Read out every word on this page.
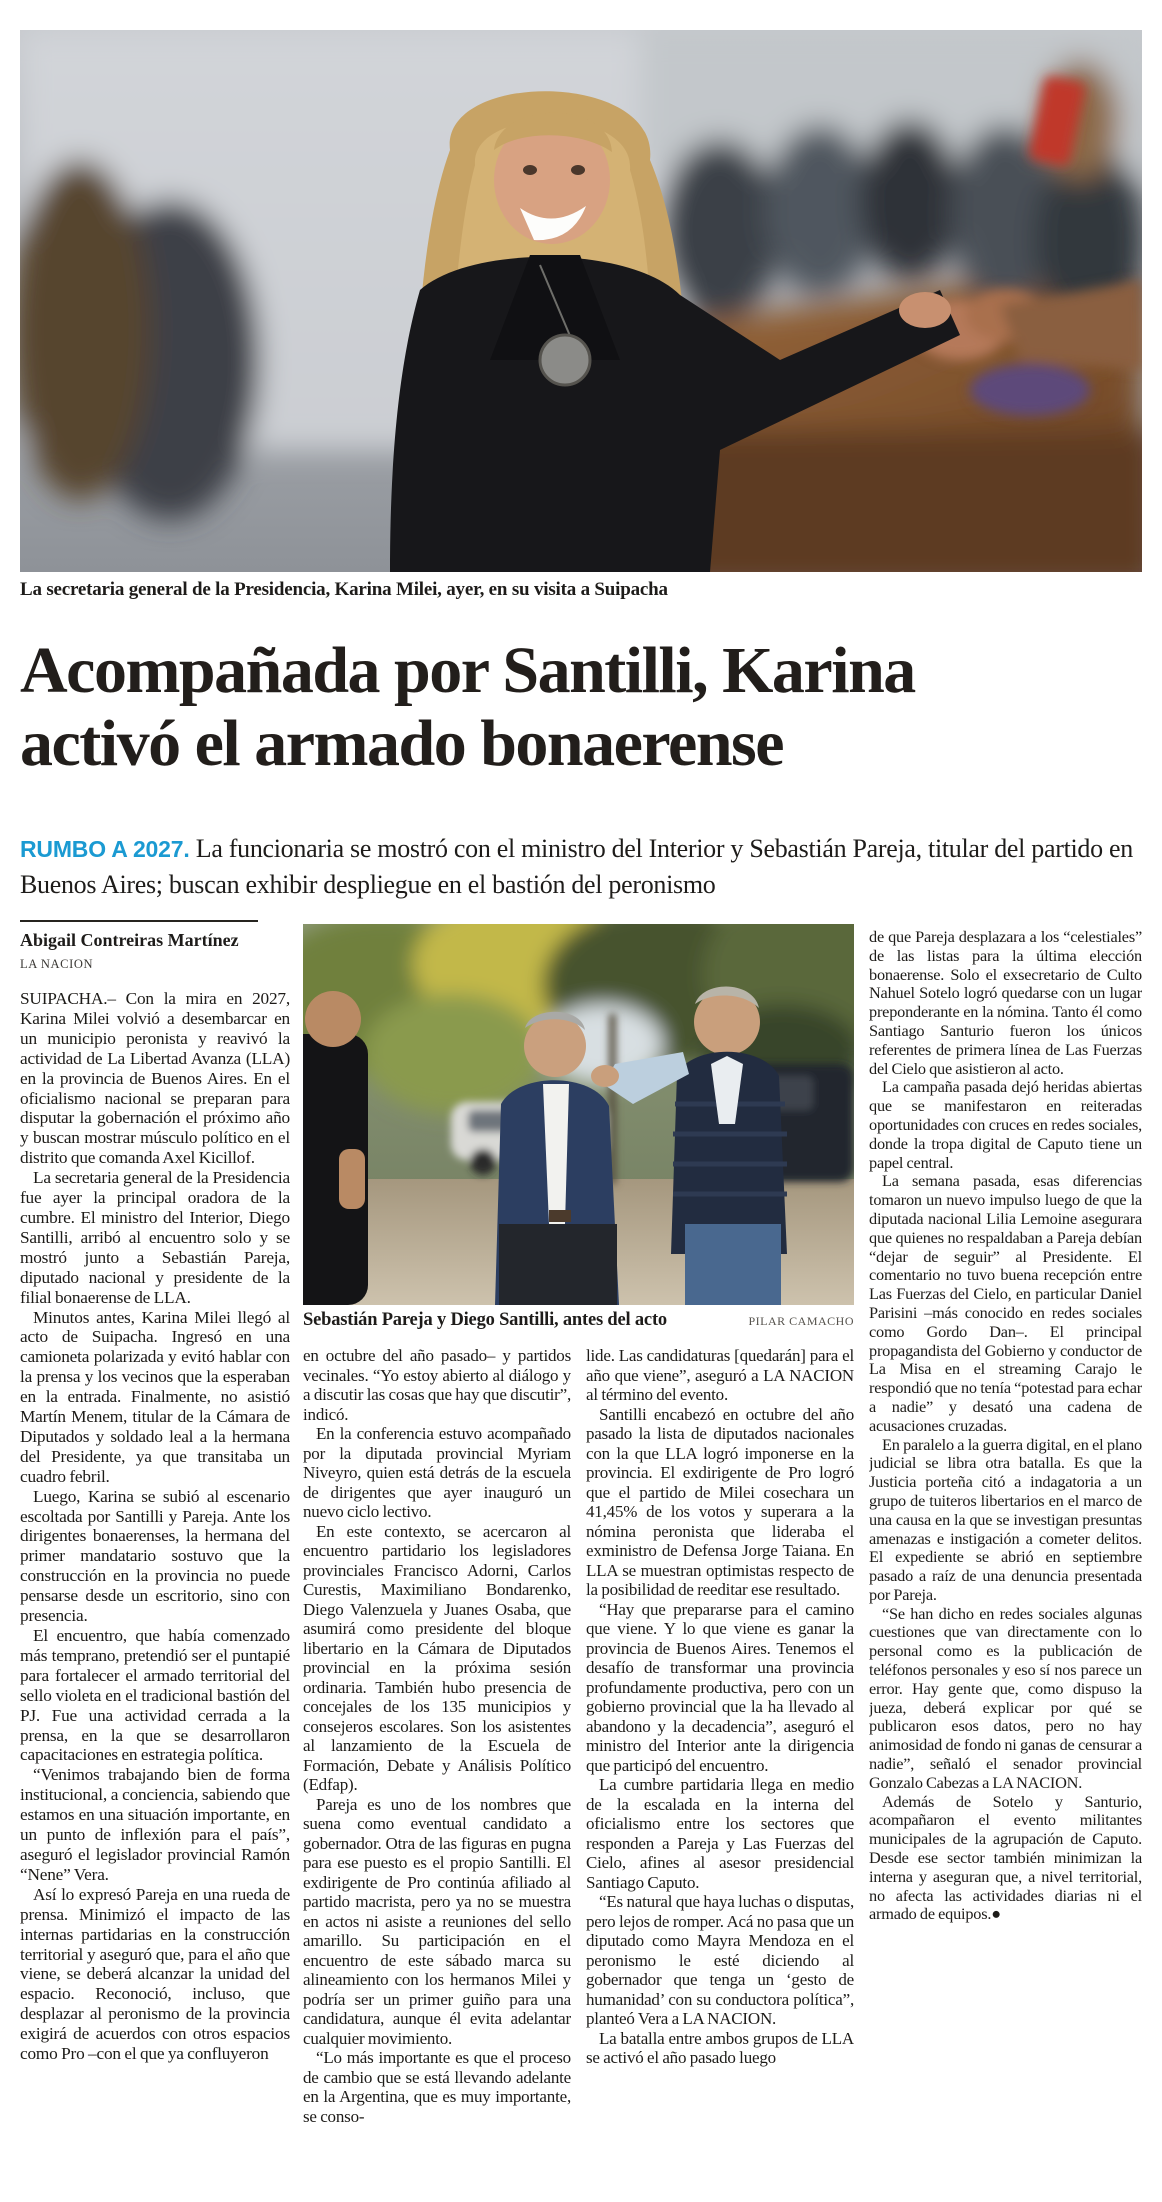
La secretaria general de la Presidencia, Karina Milei, ayer, en su visita a Suipacha
Acompañada por Santilli, Karina
activó el armado bonaerense

RUMBO A 2027. La funcionaria se mostró con el ministro del Interior y Sebastián Pareja, titular del partido en Buenos Aires; buscan exhibir despliegue en el bastión del peronismo

Abigail Contreiras Martínez
LA NACION

SUIPACHA.– Con la mira en 2027, Karina Milei volvió a desembarcar en un municipio peronista y reavivó la actividad de La Libertad Avanza (LLA) en la provincia de Buenos Aires. En el oficialismo nacional se preparan para disputar la gobernación el próximo año y buscan mostrar músculo político en el distrito que comanda Axel Kicillof.

La secretaria general de la Presidencia fue ayer la principal oradora de la cumbre. El ministro del Interior, Diego Santilli, arribó al encuentro solo y se mostró junto a Sebastián Pareja, diputado nacional y presidente de la filial bonaerense de LLA.

Minutos antes, Karina Milei llegó al acto de Suipacha. Ingresó en una camioneta polarizada y evitó hablar con la prensa y los vecinos que la esperaban en la entrada. Finalmente, no asistió Martín Menem, titular de la Cámara de Diputados y soldado leal a la hermana del Presidente, ya que transitaba un cuadro febril.

Luego, Karina se subió al escenario escoltada por Santilli y Pareja. Ante los dirigentes bonaerenses, la hermana del primer mandatario sostuvo que la construcción en la provincia no puede pensarse desde un escritorio, sino con presencia.

El encuentro, que había comenzado más temprano, pretendió ser el puntapié para fortalecer el armado territorial del sello violeta en el tradicional bastión del PJ. Fue una actividad cerrada a la prensa, en la que se desarrollaron capacitaciones en estrategia política.

“Venimos trabajando bien de forma institucional, a conciencia, sabiendo que estamos en una situación importante, en un punto de inflexión para el país”, aseguró el legislador provincial Ramón “Nene” Vera.

Así lo expresó Pareja en una rueda de prensa. Minimizó el impacto de las internas partidarias en la construcción territorial y aseguró que, para el año que viene, se deberá alcanzar la unidad del espacio. Reconoció, incluso, que desplazar al peronismo de la provincia exigirá de acuerdos con otros espacios como Pro –con el que ya confluyeron

Sebastián Pareja y Diego Santilli, antes del acto	PILAR CAMACHO

en octubre del año pasado– y partidos vecinales. “Yo estoy abierto al diálogo y a discutir las cosas que hay que discutir”, indicó.

En la conferencia estuvo acompañado por la diputada provincial Myriam Niveyro, quien está detrás de la escuela de dirigentes que ayer inauguró un nuevo ciclo lectivo.

En este contexto, se acercaron al encuentro partidario los legisladores provinciales Francisco Adorni, Carlos Curestis, Maximiliano Bondarenko, Diego Valenzuela y Juanes Osaba, que asumirá como presidente del bloque libertario en la Cámara de Diputados provincial en la próxima sesión ordinaria. También hubo presencia de concejales de los 135 municipios y consejeros escolares. Son los asistentes al lanzamiento de la Escuela de Formación, Debate y Análisis Político (Edfap).

Pareja es uno de los nombres que suena como eventual candidato a gobernador. Otra de las figuras en pugna para ese puesto es el propio Santilli. El exdirigente de Pro continúa afiliado al partido macrista, pero ya no se muestra en actos ni asiste a reuniones del sello amarillo. Su participación en el encuentro de este sábado marca su alineamiento con los hermanos Milei y podría ser un primer guiño para una candidatura, aunque él evita adelantar cualquier movimiento.

“Lo más importante es que el proceso de cambio que se está llevando adelante en la Argentina, que es muy importante, se conso-

lide. Las candidaturas [quedarán] para el año que viene”, aseguró a LA NACION al término del evento.

Santilli encabezó en octubre del año pasado la lista de diputados nacionales con la que LLA logró imponerse en la provincia. El exdirigente de Pro logró que el partido de Milei cosechara un 41,45% de los votos y superara a la nómina peronista que lideraba el exministro de Defensa Jorge Taiana. En LLA se muestran optimistas respecto de la posibilidad de reeditar ese resultado.

“Hay que prepararse para el camino que viene. Y lo que viene es ganar la provincia de Buenos Aires. Tenemos el desafío de transformar una provincia profundamente productiva, pero con un gobierno provincial que la ha llevado al abandono y la decadencia”, aseguró el ministro del Interior ante la dirigencia que participó del encuentro.

La cumbre partidaria llega en medio de la escalada en la interna del oficialismo entre los sectores que responden a Pareja y Las Fuerzas del Cielo, afines al asesor presidencial Santiago Caputo.

“Es natural que haya luchas o disputas, pero lejos de romper. Acá no pasa que un diputado como Mayra Mendoza en el peronismo le esté diciendo al gobernador que tenga un ‘gesto de humanidad’ con su conductora política”, planteó Vera a LA NACION.

La batalla entre ambos grupos de LLA se activó el año pasado luego

de que Pareja desplazara a los “celestiales” de las listas para la última elección bonaerense. Solo el exsecretario de Culto Nahuel Sotelo logró quedarse con un lugar preponderante en la nómina. Tanto él como Santiago Santurio fueron los únicos referentes de primera línea de Las Fuerzas del Cielo que asistieron al acto.

La campaña pasada dejó heridas abiertas que se manifestaron en reiteradas oportunidades con cruces en redes sociales, donde la tropa digital de Caputo tiene un papel central.

La semana pasada, esas diferencias tomaron un nuevo impulso luego de que la diputada nacional Lilia Lemoine asegurara que quienes no respaldaban a Pareja debían “dejar de seguir” al Presidente. El comentario no tuvo buena recepción entre Las Fuerzas del Cielo, en particular Daniel Parisini –más conocido en redes sociales como Gordo Dan–. El principal propagandista del Gobierno y conductor de La Misa en el streaming Carajo le respondió que no tenía “potestad para echar a nadie” y desató una cadena de acusaciones cruzadas.

En paralelo a la guerra digital, en el plano judicial se libra otra batalla. Es que la Justicia porteña citó a indagatoria a un grupo de tuiteros libertarios en el marco de una causa en la que se investigan presuntas amenazas e instigación a cometer delitos. El expediente se abrió en septiembre pasado a raíz de una denuncia presentada por Pareja.

“Se han dicho en redes sociales algunas cuestiones que van directamente con lo personal como es la publicación de teléfonos personales y eso sí nos parece un error. Hay gente que, como dispuso la jueza, deberá explicar por qué se publicaron esos datos, pero no hay animosidad de fondo ni ganas de censurar a nadie”, señaló el senador provincial Gonzalo Cabezas a LA NACION.

Además de Sotelo y Santurio, acompañaron el evento militantes municipales de la agrupación de Caputo. Desde ese sector también minimizan la interna y aseguran que, a nivel territorial, no afecta las actividades diarias ni el armado de equipos.●
